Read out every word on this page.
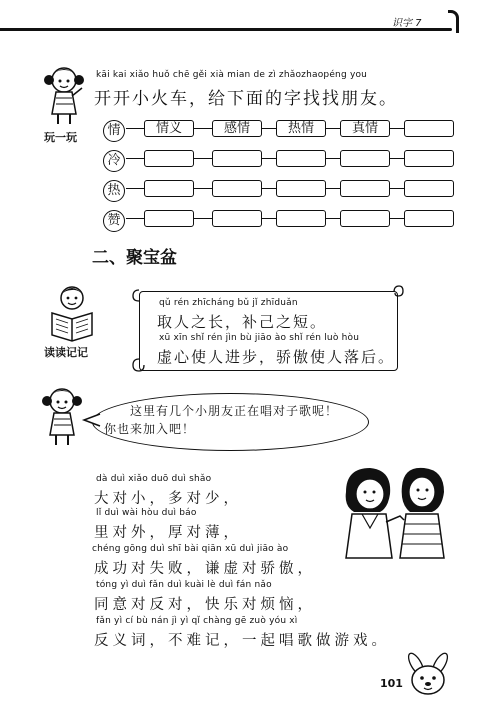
识字 7
玩一玩
kāi kai xiǎo huǒ chē gěi xià mian de zì zhǎozhaopéng you
开开小火车，给下面的字找找朋友。
情	情义	感情	热情	真情
冷
热
赞
二、聚宝盆
读读记记
qǔ rén zhīcháng bǔ jǐ zhīduǎn
取人之长，补己之短。
xū xīn shǐ rén jìn bù jiāo ào shǐ rén luò hòu
虚心使人进步，骄傲使人落后。
这里有几个小朋友正在唱对子歌呢！
你也来加入吧！
dà duì xiǎo duō duì shǎo
大对小，多对少，
lǐ duì wài hòu duì báo
里对外，厚对薄，
chéng gōng duì shī bài qiān xū duì jiāo ào
成功对失败，谦虚对骄傲，
tóng yì duì fǎn duì kuài lè duì fán nǎo
同意对反对，快乐对烦恼，
fǎn yì cí bù nán jì yì qǐ chàng gē zuò yóu xì
反义词，不难记，一起唱歌做游戏。
101
